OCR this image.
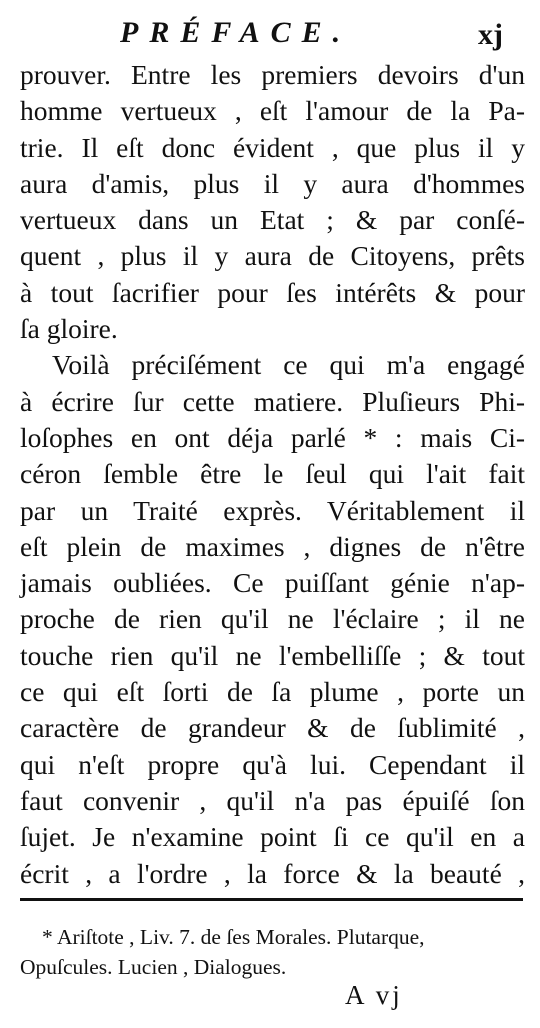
PRÉFACE.	xj
prouver. Entre les premiers devoirs d'un
homme vertueux , eſt l'amour de la Pa-
trie. Il eſt donc évident , que plus il y
aura d'amis, plus il y aura d'hommes
vertueux dans un Etat ; & par conſé-
quent , plus il y aura de Citoyens, prêts
à tout ſacrifier pour ſes intérêts & pour
ſa gloire.
Voilà préciſément ce qui m'a engagé
à écrire ſur cette matiere. Pluſieurs Phi-
loſophes en ont déja parlé * : mais Ci-
céron ſemble être le ſeul qui l'ait fait
par un Traité exprès. Véritablement il
eſt plein de maximes , dignes de n'être
jamais oubliées. Ce puiſſant génie n'ap-
proche de rien qu'il ne l'éclaire ; il ne
touche rien qu'il ne l'embelliſſe ; & tout
ce qui eſt ſorti de ſa plume , porte un
caractère de grandeur & de ſublimité ,
qui n'eſt propre qu'à lui. Cependant il
faut convenir , qu'il n'a pas épuiſé ſon
ſujet. Je n'examine point ſi ce qu'il en a
écrit , a l'ordre , la force & la beauté ,
* Ariſtote , Liv. 7. de ſes Morales. Plutarque,
Opuſcules. Lucien , Dialogues.
A vj
